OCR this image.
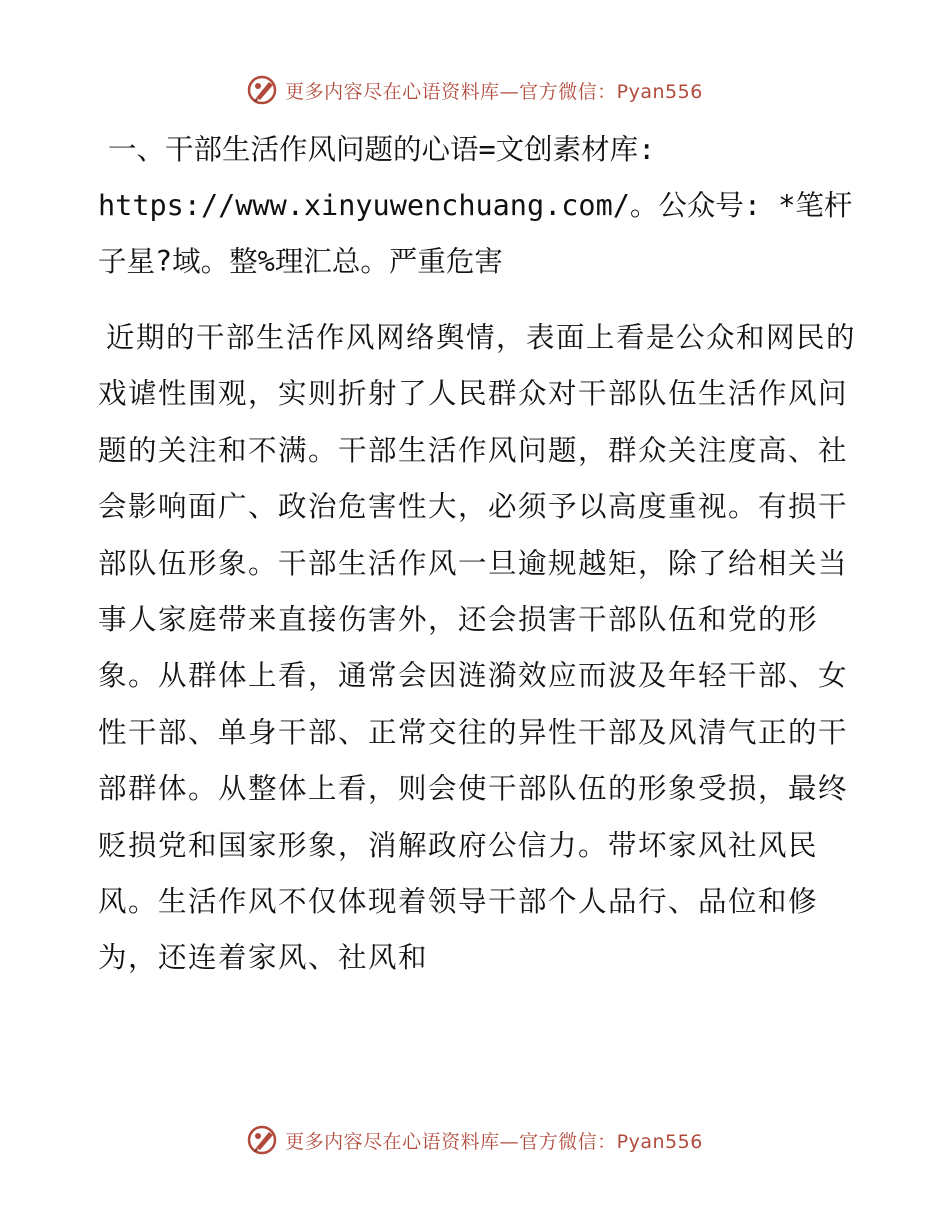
更多内容尽在心语资料库—官方微信：Pyan556
一、干部生活作风问题的心语=文创素材库:
https://www.xinyuwenchuang.com/。公众号: *笔杆子星?域。整%理汇总。严重危害

近期的干部生活作风网络舆情，表面上看是公众和网民的戏谑性围观，实则折射了人民群众对干部队伍生活作风问题的关注和不满。干部生活作风问题，群众关注度高、社会影响面广、政治危害性大，必须予以高度重视。有损干部队伍形象。干部生活作风一旦逾规越矩，除了给相关当事人家庭带来直接伤害外，还会损害干部队伍和党的形象。从群体上看，通常会因涟漪效应而波及年轻干部、女性干部、单身干部、正常交往的异性干部及风清气正的干部群体。从整体上看，则会使干部队伍的形象受损，最终贬损党和国家形象，消解政府公信力。带坏家风社风民风。生活作风不仅体现着领导干部个人品行、品位和修为，还连着家风、社风和

更多内容尽在心语资料库—官方微信：Pyan556
